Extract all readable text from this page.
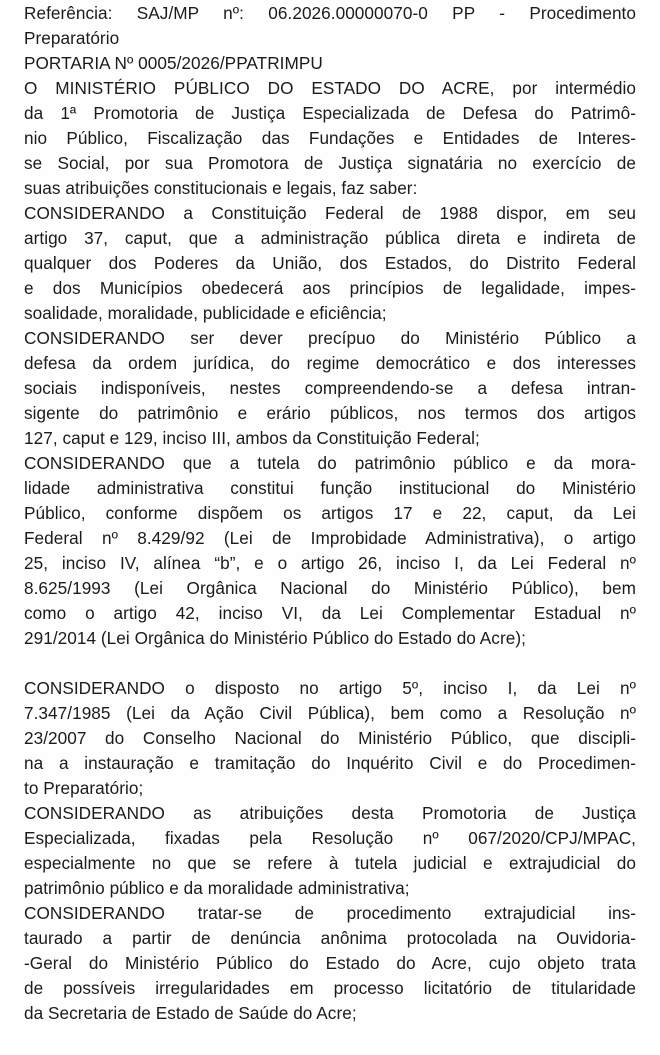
Referência: SAJ/MP nº: 06.2026.00000070-0 PP - Procedimento
Preparatório
PORTARIA Nº 0005/2026/PPATRIMPU
O MINISTÉRIO PÚBLICO DO ESTADO DO ACRE, por intermédio
da 1ª Promotoria de Justiça Especializada de Defesa do Patrimô-
nio Público, Fiscalização das Fundações e Entidades de Interes-
se Social, por sua Promotora de Justiça signatária no exercício de
suas atribuições constitucionais e legais, faz saber:
CONSIDERANDO a Constituição Federal de 1988 dispor, em seu
artigo 37, caput, que a administração pública direta e indireta de
qualquer dos Poderes da União, dos Estados, do Distrito Federal
e dos Municípios obedecerá aos princípios de legalidade, impes-
soalidade, moralidade, publicidade e eficiência;
CONSIDERANDO ser dever precípuo do Ministério Público a
defesa da ordem jurídica, do regime democrático e dos interesses
sociais indisponíveis, nestes compreendendo-se a defesa intran-
sigente do patrimônio e erário públicos, nos termos dos artigos
127, caput e 129, inciso III, ambos da Constituição Federal;
CONSIDERANDO que a tutela do patrimônio público e da mora-
lidade administrativa constitui função institucional do Ministério
Público, conforme dispõem os artigos 17 e 22, caput, da Lei
Federal nº 8.429/92 (Lei de Improbidade Administrativa), o artigo
25, inciso IV, alínea “b”, e o artigo 26, inciso I, da Lei Federal nº
8.625/1993 (Lei Orgânica Nacional do Ministério Público), bem
como o artigo 42, inciso VI, da Lei Complementar Estadual nº
291/2014 (Lei Orgânica do Ministério Público do Estado do Acre);
CONSIDERANDO o disposto no artigo 5º, inciso I, da Lei nº
7.347/1985 (Lei da Ação Civil Pública), bem como a Resolução nº
23/2007 do Conselho Nacional do Ministério Público, que discipli-
na a instauração e tramitação do Inquérito Civil e do Procedimen-
to Preparatório;
CONSIDERANDO as atribuições desta Promotoria de Justiça
Especializada, fixadas pela Resolução nº 067/2020/CPJ/MPAC,
especialmente no que se refere à tutela judicial e extrajudicial do
patrimônio público e da moralidade administrativa;
CONSIDERANDO tratar-se de procedimento extrajudicial ins-
taurado a partir de denúncia anônima protocolada na Ouvidoria-
-Geral do Ministério Público do Estado do Acre, cujo objeto trata
de possíveis irregularidades em processo licitatório de titularidade
da Secretaria de Estado de Saúde do Acre;
